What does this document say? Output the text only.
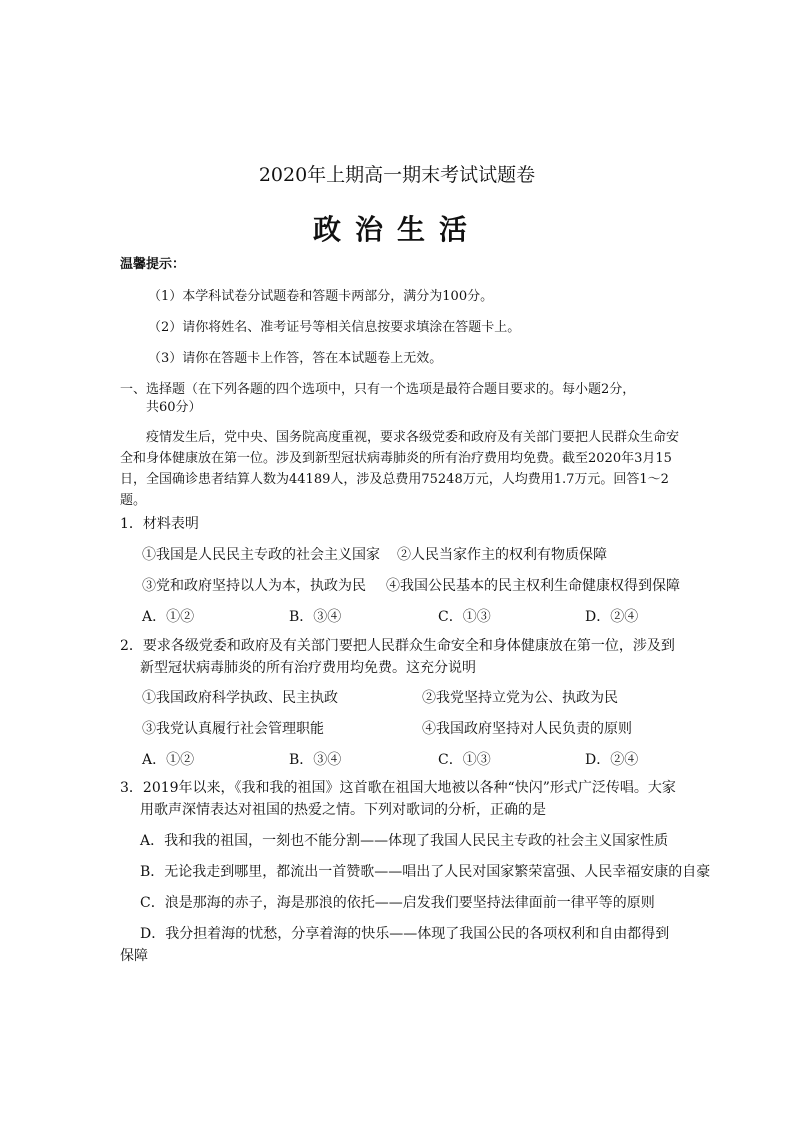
2020年上期高一期末考试试题卷
政治生活
温馨提示：
（1）本学科试卷分试题卷和答题卡两部分，满分为100分。
（2）请你将姓名、准考证号等相关信息按要求填涂在答题卡上。
（3）请你在答题卡上作答，答在本试题卷上无效。
一、选择题（在下列各题的四个选项中，只有一个选项是最符合题目要求的。每小题2分，
共60分）
疫情发生后，党中央、国务院高度重视，要求各级党委和政府及有关部门要把人民群众生命安全和身体健康放在第一位。涉及到新型冠状病毒肺炎的所有治疗费用均免费。截至2020年3月15日，全国确诊患者结算人数为44189人，涉及总费用75248万元，人均费用1.7万元。回答1～2题。
1．材料表明
①我国是人民民主专政的社会主义国家 ②人民当家作主的权利有物质保障
③党和政府坚持以人为本，执政为民 ④我国公民基本的民主权利生命健康权得到保障
A．①②	B．③④	C．①③	D．②④
2．要求各级党委和政府及有关部门要把人民群众生命安全和身体健康放在第一位，涉及到新型冠状病毒肺炎的所有治疗费用均免费。这充分说明
①我国政府科学执政、民主执政	②我党坚持立党为公、执政为民
③我党认真履行社会管理职能	④我国政府坚持对人民负责的原则
A．①②	B．③④	C．①③	D．②④
3．2019年以来，《我和我的祖国》这首歌在祖国大地被以各种“快闪”形式广泛传唱。大家用歌声深情表达对祖国的热爱之情。下列对歌词的分析，正确的是
A．我和我的祖国，一刻也不能分割——体现了我国人民民主专政的社会主义国家性质
B．无论我走到哪里，都流出一首赞歌——唱出了人民对国家繁荣富强、人民幸福安康的自豪
C．浪是那海的赤子，海是那浪的依托——启发我们要坚持法律面前一律平等的原则
D．我分担着海的忧愁，分享着海的快乐——体现了我国公民的各项权利和自由都得到保障
